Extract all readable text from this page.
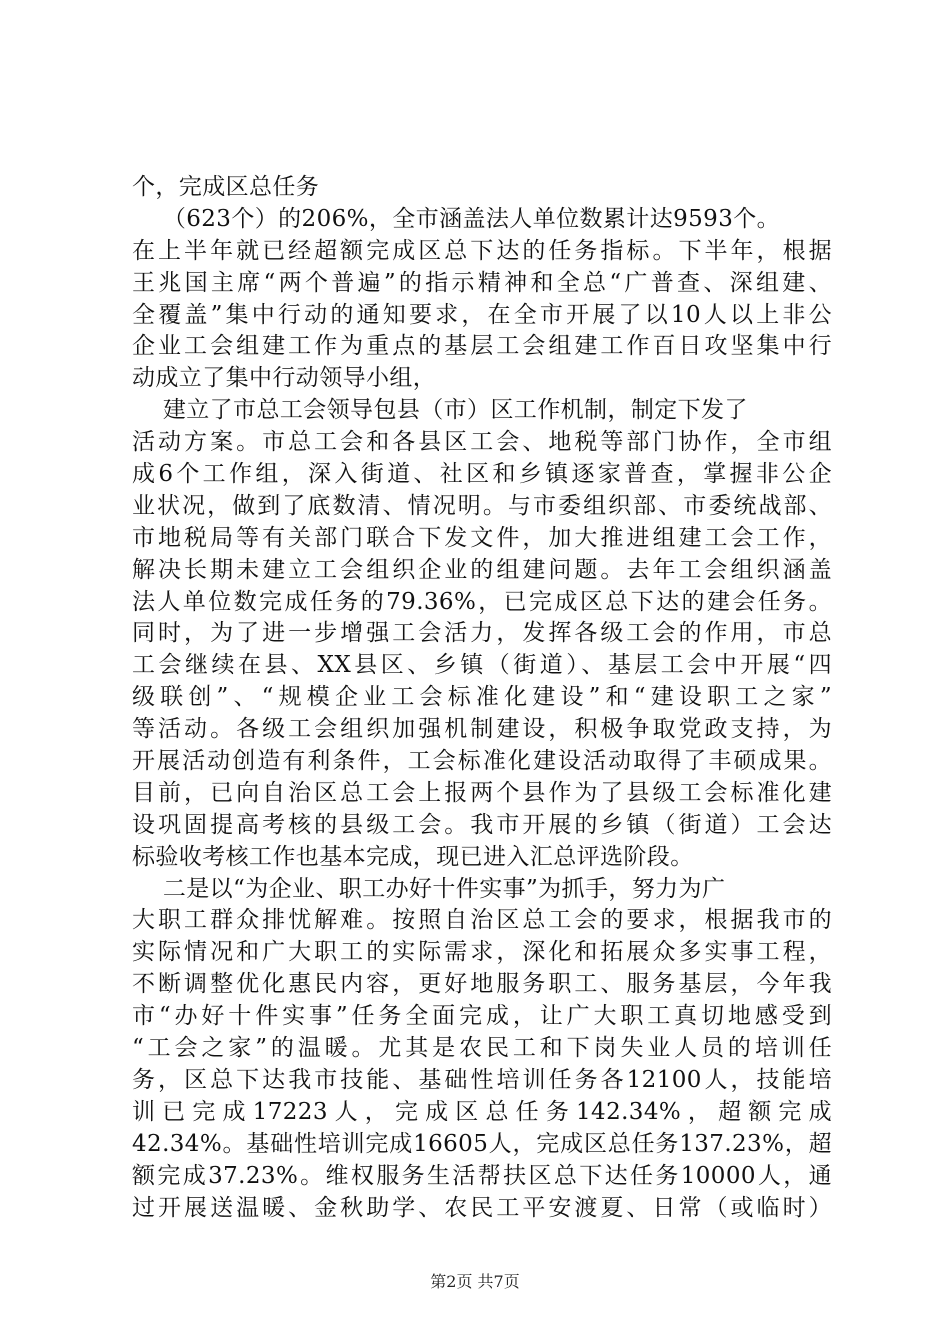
个，完成区总任务
（623个）的206%，全市涵盖法人单位数累计达9593个。
在上半年就已经超额完成区总下达的任务指标。下半年，根据
王兆国主席“两个普遍”的指示精神和全总“广普查、深组建、
全覆盖”集中行动的通知要求，在全市开展了以10人以上非公
企业工会组建工作为重点的基层工会组建工作百日攻坚集中行
动成立了集中行动领导小组，
建立了市总工会领导包县（市）区工作机制，制定下发了
活动方案。市总工会和各县区工会、地税等部门协作，全市组
成6个工作组，深入街道、社区和乡镇逐家普查，掌握非公企
业状况，做到了底数清、情况明。与市委组织部、市委统战部、
市地税局等有关部门联合下发文件，加大推进组建工会工作，
解决长期未建立工会组织企业的组建问题。去年工会组织涵盖
法人单位数完成任务的79.36%，已完成区总下达的建会任务。
同时，为了进一步增强工会活力，发挥各级工会的作用，市总
工会继续在县、XX县区、乡镇（街道）、基层工会中开展“四
级联创”、“规模企业工会标准化建设”和“建设职工之家”
等活动。各级工会组织加强机制建设，积极争取党政支持，为
开展活动创造有利条件，工会标准化建设活动取得了丰硕成果。
目前，已向自治区总工会上报两个县作为了县级工会标准化建
设巩固提高考核的县级工会。我市开展的乡镇（街道）工会达
标验收考核工作也基本完成，现已进入汇总评选阶段。
二是以“为企业、职工办好十件实事”为抓手，努力为广
大职工群众排忧解难。按照自治区总工会的要求，根据我市的
实际情况和广大职工的实际需求，深化和拓展众多实事工程，
不断调整优化惠民内容，更好地服务职工、服务基层，今年我
市“办好十件实事”任务全面完成，让广大职工真切地感受到
“工会之家”的温暖。尤其是农民工和下岗失业人员的培训任
务，区总下达我市技能、基础性培训任务各12100人，技能培
训已完成17223人，完成区总任务142.34%，超额完成
42.34%。基础性培训完成16605人，完成区总任务137.23%，超
额完成37.23%。维权服务生活帮扶区总下达任务10000人，通
过开展送温暖、金秋助学、农民工平安渡夏、日常（或临时）
第2页 共7页
